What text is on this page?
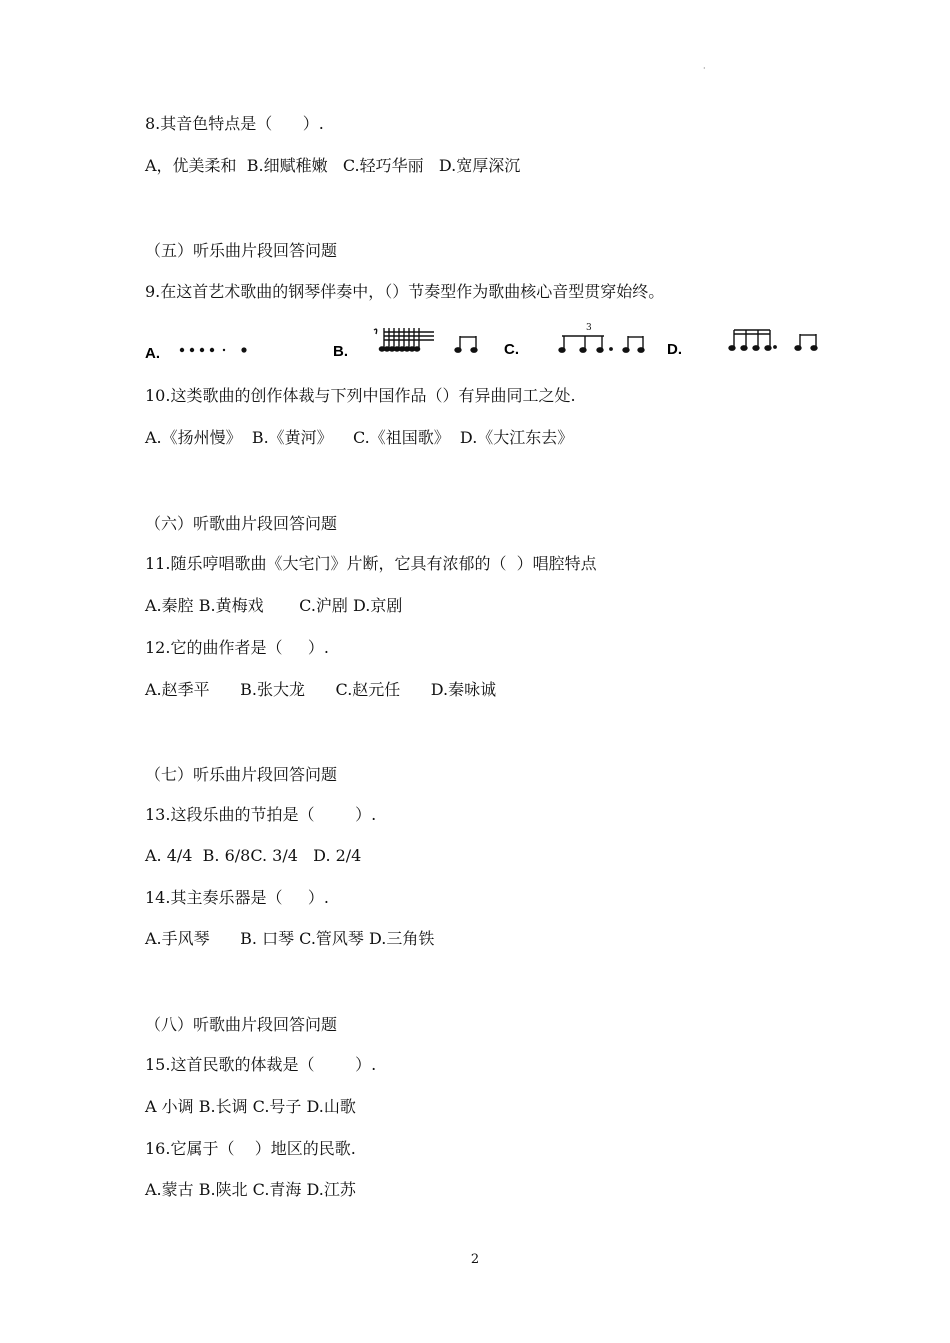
·
8.其音色特点是（      ）.
A，优美柔和  B.细赋稚嫩   C.轻巧华丽   D.宽厚深沉
（五）听乐曲片段回答问题
9.在这首艺术歌曲的钢琴伴奏中，（）节奏型作为歌曲核心音型贯穿始终。
A.	B.	C.
3
D.
10.这类歌曲的创作体裁与下列中国作品（）有异曲同工之处.
A.《扬州慢》  B.《黄河》    C.《祖国歌》  D.《大江东去》
（六）听歌曲片段回答问题
11.随乐哼唱歌曲《大宅门》片断，它具有浓郁的（  ）唱腔特点
A.秦腔 B.黄梅戏       C.沪剧 D.京剧
12.它的曲作者是（     ）.
A.赵季平      B.张大龙      C.赵元任      D.秦咏诚
（七）听乐曲片段回答问题
13.这段乐曲的节拍是（        ）.
A. 4/4  B. 6/8C. 3/4   D. 2/4
14.其主奏乐器是（     ）.
A.手风琴      B. 口琴 C.管风琴 D.三角铁
（八）听歌曲片段回答问题
15.这首民歌的体裁是（        ）.
A 小调 B.长调 C.号子 D.山歌
16.它属于（    ）地区的民歌.
A.蒙古 B.陕北 C.青海 D.江苏
2
